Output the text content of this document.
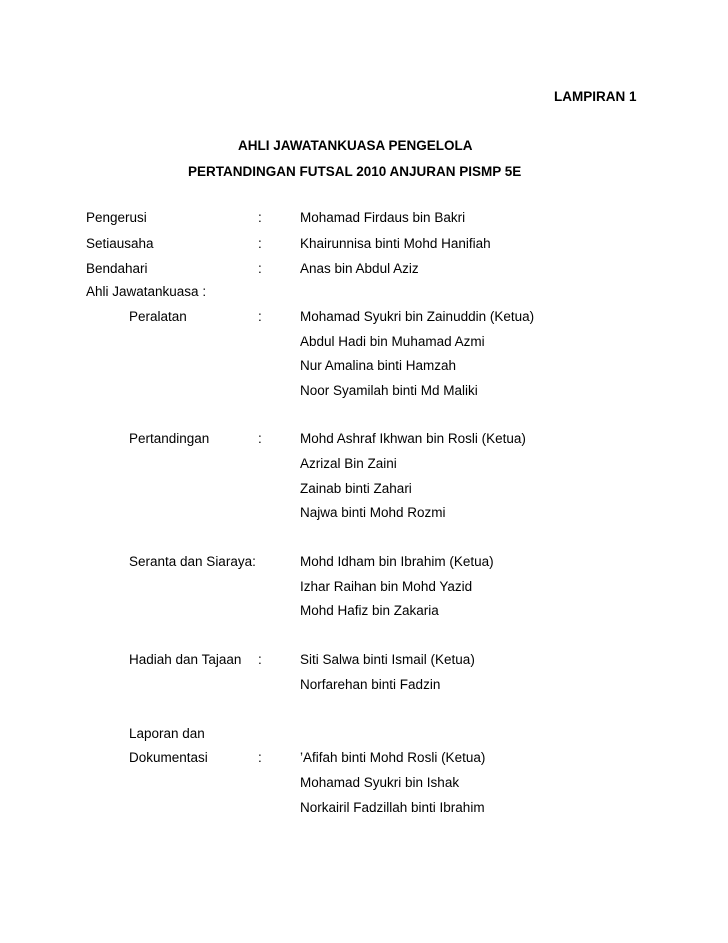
LAMPIRAN 1
AHLI JAWATANKUASA PENGELOLA
PERTANDINGAN FUTSAL 2010 ANJURAN PISMP 5E
Pengerusi	:	Mohamad Firdaus bin Bakri
Setiausaha	:	Khairunnisa binti Mohd Hanifiah
Bendahari	:	Anas bin Abdul Aziz
Ahli Jawatankuasa :
Peralatan	:	Mohamad Syukri bin Zainuddin (Ketua)
Abdul Hadi bin Muhamad Azmi
Nur Amalina binti Hamzah
Noor Syamilah binti Md Maliki
Pertandingan	:	Mohd Ashraf Ikhwan bin Rosli (Ketua)
Azrizal Bin Zaini
Zainab binti Zahari
Najwa binti Mohd Rozmi
Seranta dan Siaraya:	Mohd Idham bin Ibrahim (Ketua)
Izhar Raihan bin Mohd Yazid
Mohd Hafiz bin Zakaria
Hadiah dan Tajaan :	Siti Salwa binti Ismail (Ketua)
Norfarehan binti Fadzin
Laporan dan
Dokumentasi	:	’Afifah binti Mohd Rosli (Ketua)
Mohamad Syukri bin Ishak
Norkairil Fadzillah binti Ibrahim
